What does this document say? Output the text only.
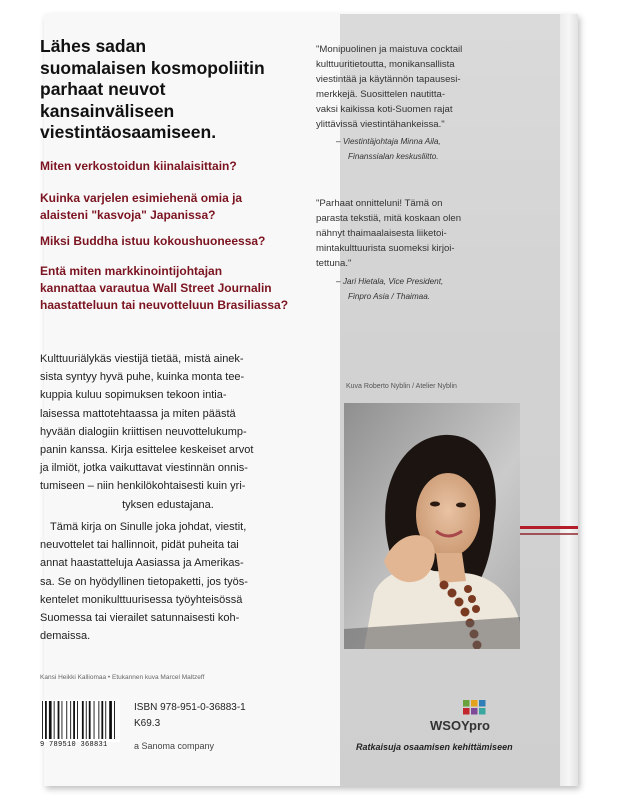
Lähes sadan
suomalaisen kosmopoliitin
parhaat neuvot kansainväliseen
viestintäosaamiseen.
Miten verkostoidun kiinalaisittain?
Kuinka varjelen esimiehenä omia ja
alaisteni "kasvoja" Japanissa?
Miksi Buddha istuu kokoushuoneessa?
Entä miten markkinointijohtajan
kannattaa varautua Wall Street Journalin
haastatteluun tai neuvotteluun Brasiliassa?
Kulttuuriälykäs viestijä tietää, mistä ainek-
sista syntyy hyvä puhe, kuinka monta tee-
kuppia kuluu sopimuksen tekoon intia-
laisessa mattotehtaassa ja miten päästä
hyvään dialogiin kriittisen neuvottelukump-
panin kanssa. Kirja esittelee keskeiset arvot
ja ilmiöt, jotka vaikuttavat viestinnän onnis-
tumiseen – niin henkilökohtaisesti kuin yri-
tyksen edustajana.
Tämä kirja on Sinulle joka johdat, viestit,
neuvottelet tai hallinnoit, pidät puheita tai
annat haastatteluja Aasiassa ja Amerikas-
sa. Se on hyödyllinen tietopaketti, jos työs-
kentelet monikulttuurisessa työyhteisössä
Suomessa tai vierailet satunnaisesti koh-
demaissa.
Kansi Heikki Kalliomaa • Etukannen kuva Marcel Maltzeff
9 789510 368831
ISBN 978-951-0-36883-1
K69.3
a Sanoma company
"Monipuolinen ja maistuva cocktail
kulttuuritietoutta, monikansallista
viestintää ja käytännön tapausesi-
merkkejä. Suosittelen nautitta-
vaksi kaikissa koti-Suomen rajat
ylittävissä viestintähankeissa."
– Viestintäjohtaja Minna Aila,
Finanssialan keskusliitto.
"Parhaat onnitteluni! Tämä on
parasta tekstiä, mitä koskaan olen
nähnyt thaimaalaisesta liiketoi-
mintakulttuurista suomeksi kirjoi-
tettuna."
– Jari Hietala, Vice President,
Finpro Asia / Thaimaa.
Kuva Roberto Nyblin / Atelier Nyblin
WSOYpro
Ratkaisuja osaamisen kehittämiseen
